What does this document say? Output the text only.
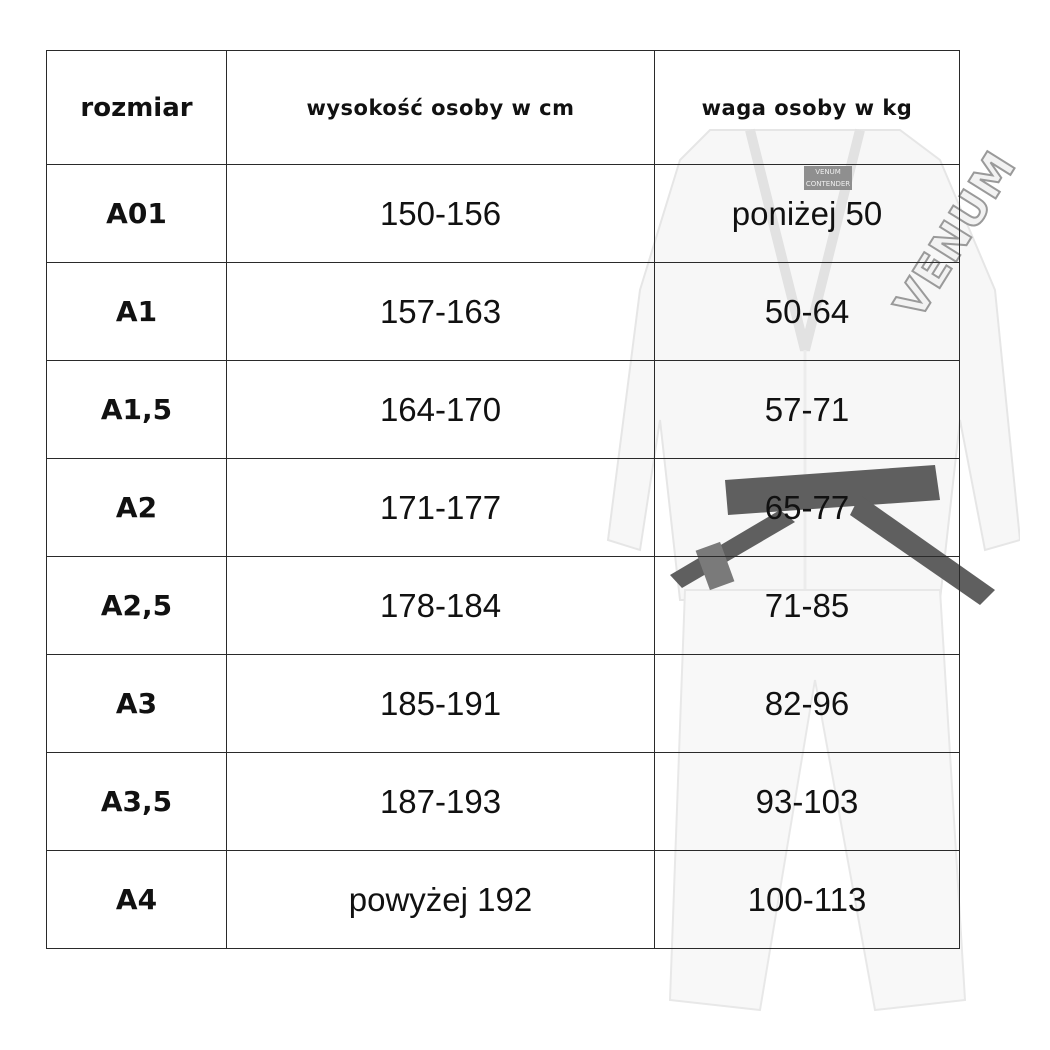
VENUM CONTENDER VENUM
rozmiar	wysokość osoby w cm	waga osoby w kg
A01	150-156	poniżej 50
A1	157-163	50-64
A1,5	164-170	57-71
A2	171-177	65-77
A2,5	178-184	71-85
A3	185-191	82-96
A3,5	187-193	93-103
A4	powyżej 192	100-113
